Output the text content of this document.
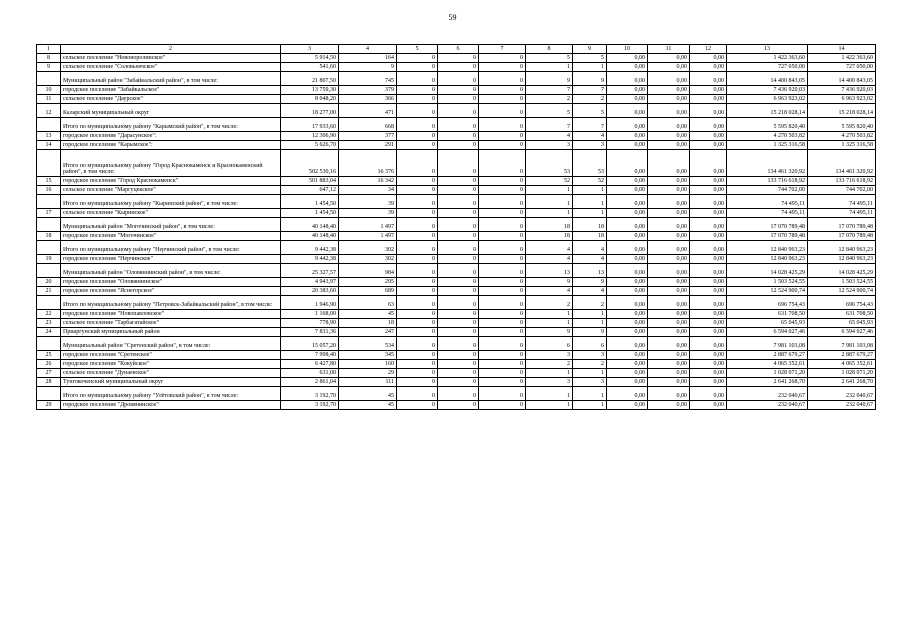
59
1	2	3	4	5	6	7	8	9	10	11	12	13	14
8	сельское поселение "Новоноролинское"	5 914,50	164	0	0	0	5	5	0,00	0,00	0,00	1 422 363,60	1 422 363,60
9	сельское поселение "Соловьевчское"	541,60	9	0	0	0	1	1	0,00	0,00	0,00	727 050,00	727 050,00
	Муниципальный район "Забайкальский район", в том числе:	21 807,50	745	0	0	0	9	9	0,00	0,00	0,00	14 400 843,05	14 400 843,05
10	городское поселение "Забайкальское"	13 759,30	379	0	0	0	7	7	0,00	0,00	0,00	7 436 920,03	7 436 920,03
11	сельское поселение "Даурское"	8 048,20	366	0	0	0	2	2	0,00	0,00	0,00	6 963 923,02	6 963 923,02
12	Каларский муниципальный округ	18 277,00	471	0	0	0	5	5	0,00	0,00	0,00	15 218 028,14	15 218 028,14
	Итого по муниципальному району "Карымский район", в том числе:	17 933,60	668	0	0	0	7	7	0,00	0,00	0,00	5 595 820,40	5 595 820,40
13	городское поселение "Дарасунское":	12 306,90	377	0	0	0	4	4	0,00	0,00	0,00	4 270 503,82	4 270 503,82
14	городское поселение "Карымское":	5 626,70	291	0	0	0	3	3	0,00	0,00	0,00	1 325 316,58	1 325 316,58
	Итого по муниципальному району "Город Краснокаменск и Краснокаменский район", в том числе:	502 530,16	16 376	0	0	0	53	53	0,00	0,00	0,00	134 461 320,92	134 461 320,92
15	городское поселение "Город Краснокаменск"	501 883,04	16 342	0	0	0	52	52	0,00	0,00	0,00	133 716 618,92	133 716 618,92
16	сельское поселение "Маргуцекское"	647,12	34	0	0	0	1	1	0,00	0,00	0,00	744 702,00	744 702,00
	Итого по муниципальному району "Кыринский район", в том числе:	1 454,50	39	0	0	0	1	1	0,00	0,00	0,00	74 495,11	74 495,11
17	сельское поселение "Кыринское"	1 454,50	39	0	0	0	1	1	0,00	0,00	0,00	74 495,11	74 495,11
	Муниципальный район "Могочинский район", в том числе:	40 148,40	1 497	0	0	0	18	18	0,00	0,00	0,00	17 070 789,48	17 070 789,48
18	городское поселение "Могочинское"	40 148,40	1 497	0	0	0	18	18	0,00	0,00	0,00	17 070 789,48	17 070 789,48
	Итого по муниципальному району "Нерчинский район", в том числе:	9 442,38	302	0	0	0	4	4	0,00	0,00	0,00	12 840 963,23	12 840 963,23
19	городское поселение "Нерчинское"	9 442,38	302	0	0	0	4	4	0,00	0,00	0,00	12 840 963,23	12 840 963,23
	Муниципальный район "Оловяннинский район", в том числе:	25 327,57	984	0	0	0	13	13	0,00	0,00	0,00	14 028 425,29	14 028 425,29
20	городское поселение "Оловяннинское"	4 943,97	295	0	0	0	9	9	0,00	0,00	0,00	1 503 524,55	1 503 524,55
21	городское поселение "Яснегорское"	20 383,60	689	0	0	0	4	4	0,00	0,00	0,00	12 524 900,74	12 524 900,74
	Итого по муниципальному району "Петровск-Забайкальский район", в том числе:	1 946,90	63	0	0	0	2	2	0,00	0,00	0,00	696 754,43	696 754,43
22	городское поселение "Новопавловское"	1 168,00	45	0	0	0	1	1	0,00	0,00	0,00	631 708,50	631 708,50
23	сельское поселение "Тарбагатайское"	778,90	18	0	0	0	1	1	0,00	0,00	0,00	65 045,93	65 045,93
24	Приаргунский муниципальный район	7 831,36	247	0	0	0	9	9	0,00	0,00	0,00	6 594 027,46	6 594 027,46
	Муниципальный район "Сретенский район", в том числе:	15 057,20	534	0	0	0	6	6	0,00	0,00	0,00	7 981 103,08	7 981 103,08
25	городское поселение "Сретенское"	7 998,40	345	0	0	0	3	3	0,00	0,00	0,00	2 887 679,27	2 887 679,27
26	городское поселение "Кокуйское"	6 427,80	160	0	0	0	2	2	0,00	0,00	0,00	4 065 352,61	4 065 352,61
27	сельское поселение "Дунаевское"	631,00	29	0	0	0	1	1	0,00	0,00	0,00	1 028 071,20	1 028 071,20
28	Тунгокоченский муниципальный округ	2 861,04	111	0	0	0	3	3	0,00	0,00	0,00	2 641 268,70	2 641 268,70
	Итого по муниципальному району "Улётовский район", в том числе:	3 192,70	45	0	0	0	1	1	0,00	0,00	0,00	232 040,67	232 040,67
29	городское поселение "Дровянинское"	3 192,70	45	0	0	0	1	1	0,00	0,00	0,00	232 040,67	232 040,67
